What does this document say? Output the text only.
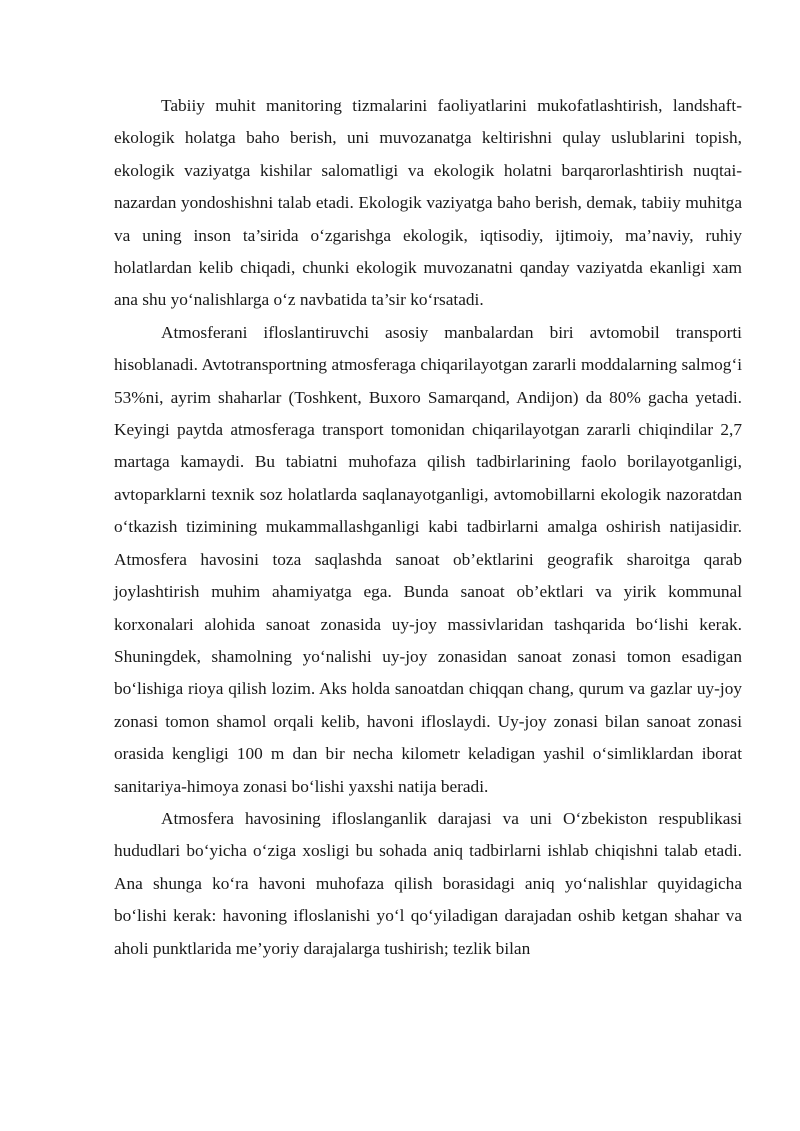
Tabiiy muhit manitoring tizmalarini faoliyatlarini mukofatlashtirish, landshaft-ekologik holatga baho berish, uni muvozanatga keltirishni qulay uslublarini topish, ekologik vaziyatga kishilar salomatligi va ekologik holatni barqarorlashtirish nuqtai-nazardan yondoshishni talab etadi. Ekologik vaziyatga baho berish, demak, tabiiy muhitga va uning inson ta’sirida o‘zgarishga ekologik, iqtisodiy, ijtimoiy, ma’naviy, ruhiy holatlardan kelib chiqadi, chunki ekologik muvozanatni qanday vaziyatda ekanligi xam ana shu yo‘nalishlarga o‘z navbatida ta’sir ko‘rsatadi.

Atmosferani ifloslantiruvchi asosiy manbalardan biri avtomobil transporti hisoblanadi. Avtotransportning atmosferaga chiqarilayotgan zararli moddalarning salmog‘i 53%ni, ayrim shaharlar (Toshkent, Buxoro Samarqand, Andijon) da 80% gacha yetadi. Keyingi paytda atmosferaga transport tomonidan chiqarilayotgan zararli chiqindilar 2,7 martaga kamaydi. Bu tabiatni muhofaza qilish tadbirlarining faolo borilayotganligi, avtoparklarni texnik soz holatlarda saqlanayotganligi, avtomobillarni ekologik nazoratdan o‘tkazish tizimining mukammallashganligi kabi tadbirlarni amalga oshirish natijasidir. Atmosfera havosini toza saqlashda sanoat ob’ektlarini geografik sharoitga qarab joylashtirish muhim ahamiyatga ega. Bunda sanoat ob’ektlari va yirik kommunal korxonalari alohida sanoat zonasida uy-joy massivlaridan tashqarida bo‘lishi kerak. Shuningdek, shamolning yo‘nalishi uy-joy zonasidan sanoat zonasi tomon esadigan bo‘lishiga rioya qilish lozim. Aks holda sanoatdan chiqqan chang, qurum va gazlar uy-joy zonasi tomon shamol orqali kelib, havoni ifloslaydi. Uy-joy zonasi bilan sanoat zonasi orasida kengligi 100 m dan bir necha kilometr keladigan yashil o‘simliklardan iborat sanitariya-himoya zonasi bo‘lishi yaxshi natija beradi.

Atmosfera havosining ifloslanganlik darajasi va uni O‘zbekiston respublikasi hududlari bo‘yicha o‘ziga xosligi bu sohada aniq tadbirlarni ishlab chiqishni talab etadi. Ana shunga ko‘ra havoni muhofaza qilish borasidagi aniq yo‘nalishlar quyidagicha bo‘lishi kerak: havoning ifloslanishi yo‘l qo‘yiladigan darajadan oshib ketgan shahar va aholi punktlarida me’yoriy darajalarga tushirish; tezlik bilan
